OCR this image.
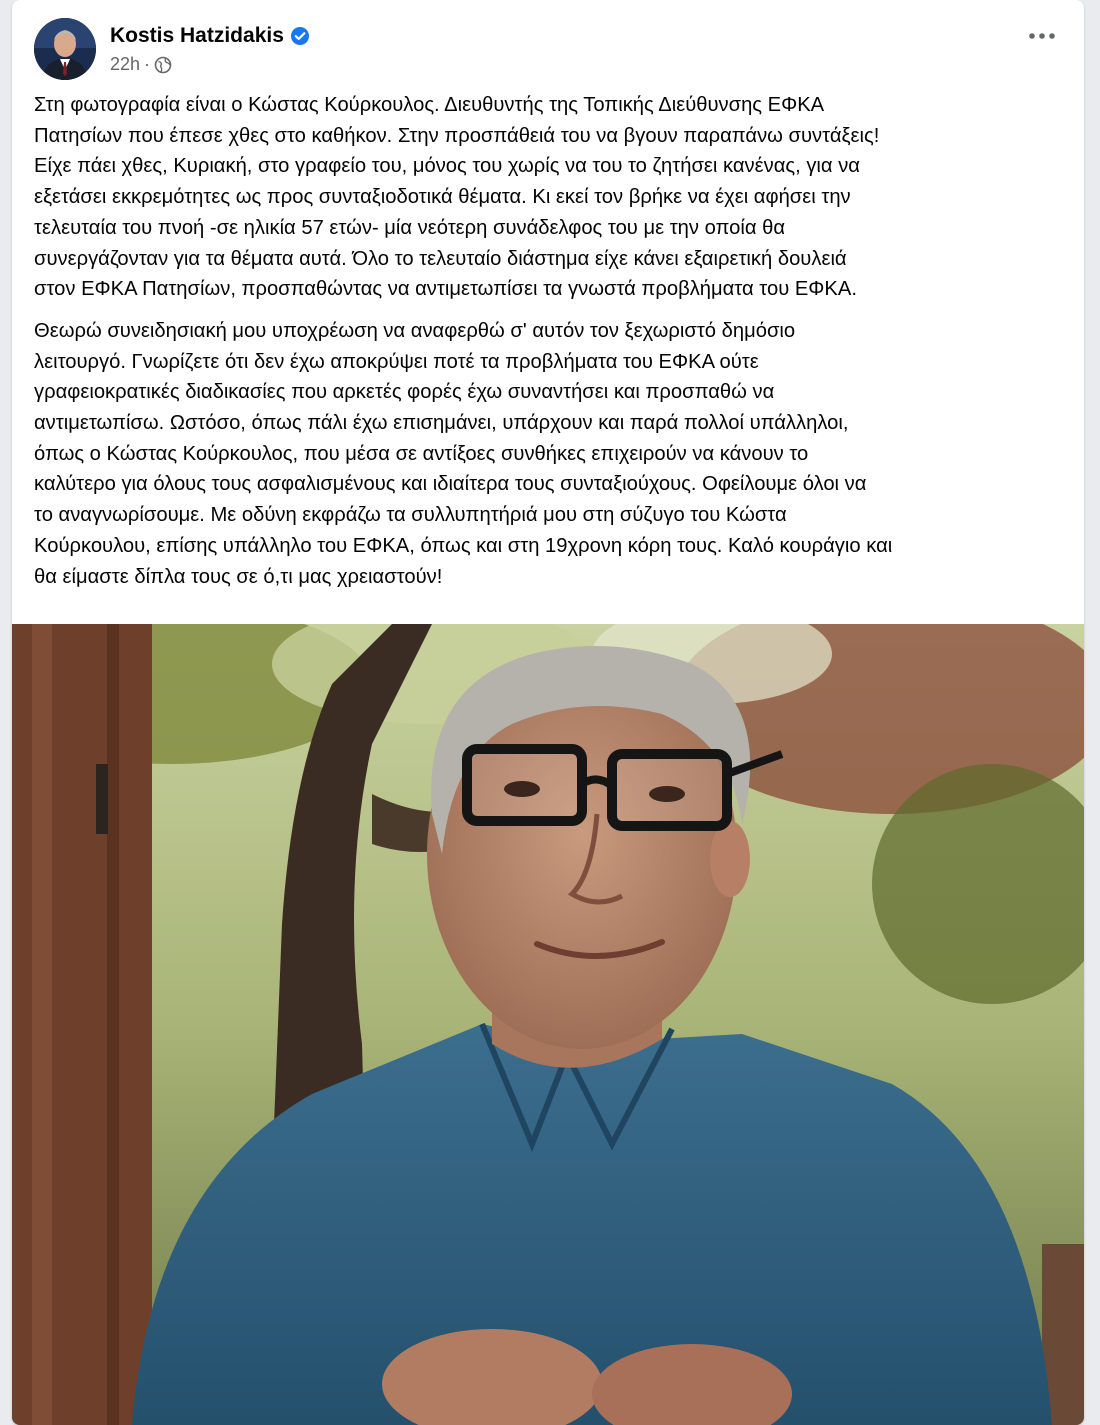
Kostis Hatzidakis
22h ·

Στη φωτογραφία είναι ο Κώστας Κούρκουλος. Διευθυντής της Τοπικής Διεύθυνσης ΕΦΚΑ
Πατησίων που έπεσε χθες στο καθήκον. Στην προσπάθειά του να βγουν παραπάνω συντάξεις!
Είχε πάει χθες, Κυριακή, στο γραφείο του, μόνος του χωρίς να του το ζητήσει κανένας, για να
εξετάσει εκκρεμότητες ως προς συνταξιοδοτικά θέματα. Κι εκεί τον βρήκε να έχει αφήσει την
τελευταία του πνοή -σε ηλικία 57 ετών- μία νεότερη συνάδελφος του με την οποία θα
συνεργάζονταν για τα θέματα αυτά. Όλο το τελευταίο διάστημα είχε κάνει εξαιρετική δουλειά
στον ΕΦΚΑ Πατησίων, προσπαθώντας να αντιμετωπίσει τα γνωστά προβλήματα του ΕΦΚΑ.

Θεωρώ συνειδησιακή μου υποχρέωση να αναφερθώ σ' αυτόν τον ξεχωριστό δημόσιο
λειτουργό. Γνωρίζετε ότι δεν έχω αποκρύψει ποτέ τα προβλήματα του ΕΦΚΑ ούτε
γραφειοκρατικές διαδικασίες που αρκετές φορές έχω συναντήσει και προσπαθώ να
αντιμετωπίσω. Ωστόσο, όπως πάλι έχω επισημάνει, υπάρχουν και παρά πολλοί υπάλληλοι,
όπως ο Κώστας Κούρκουλος, που μέσα σε αντίξοες συνθήκες επιχειρούν να κάνουν το
καλύτερο για όλους τους ασφαλισμένους και ιδιαίτερα τους συνταξιούχους. Οφείλουμε όλοι να
το αναγνωρίσουμε. Με οδύνη εκφράζω τα συλλυπητήριά μου στη σύζυγο του Κώστα
Κούρκουλου, επίσης υπάλληλο του ΕΦΚΑ, όπως και στη 19χρονη κόρη τους. Καλό κουράγιο και
θα είμαστε δίπλα τους σε ό,τι μας χρειαστούν!
